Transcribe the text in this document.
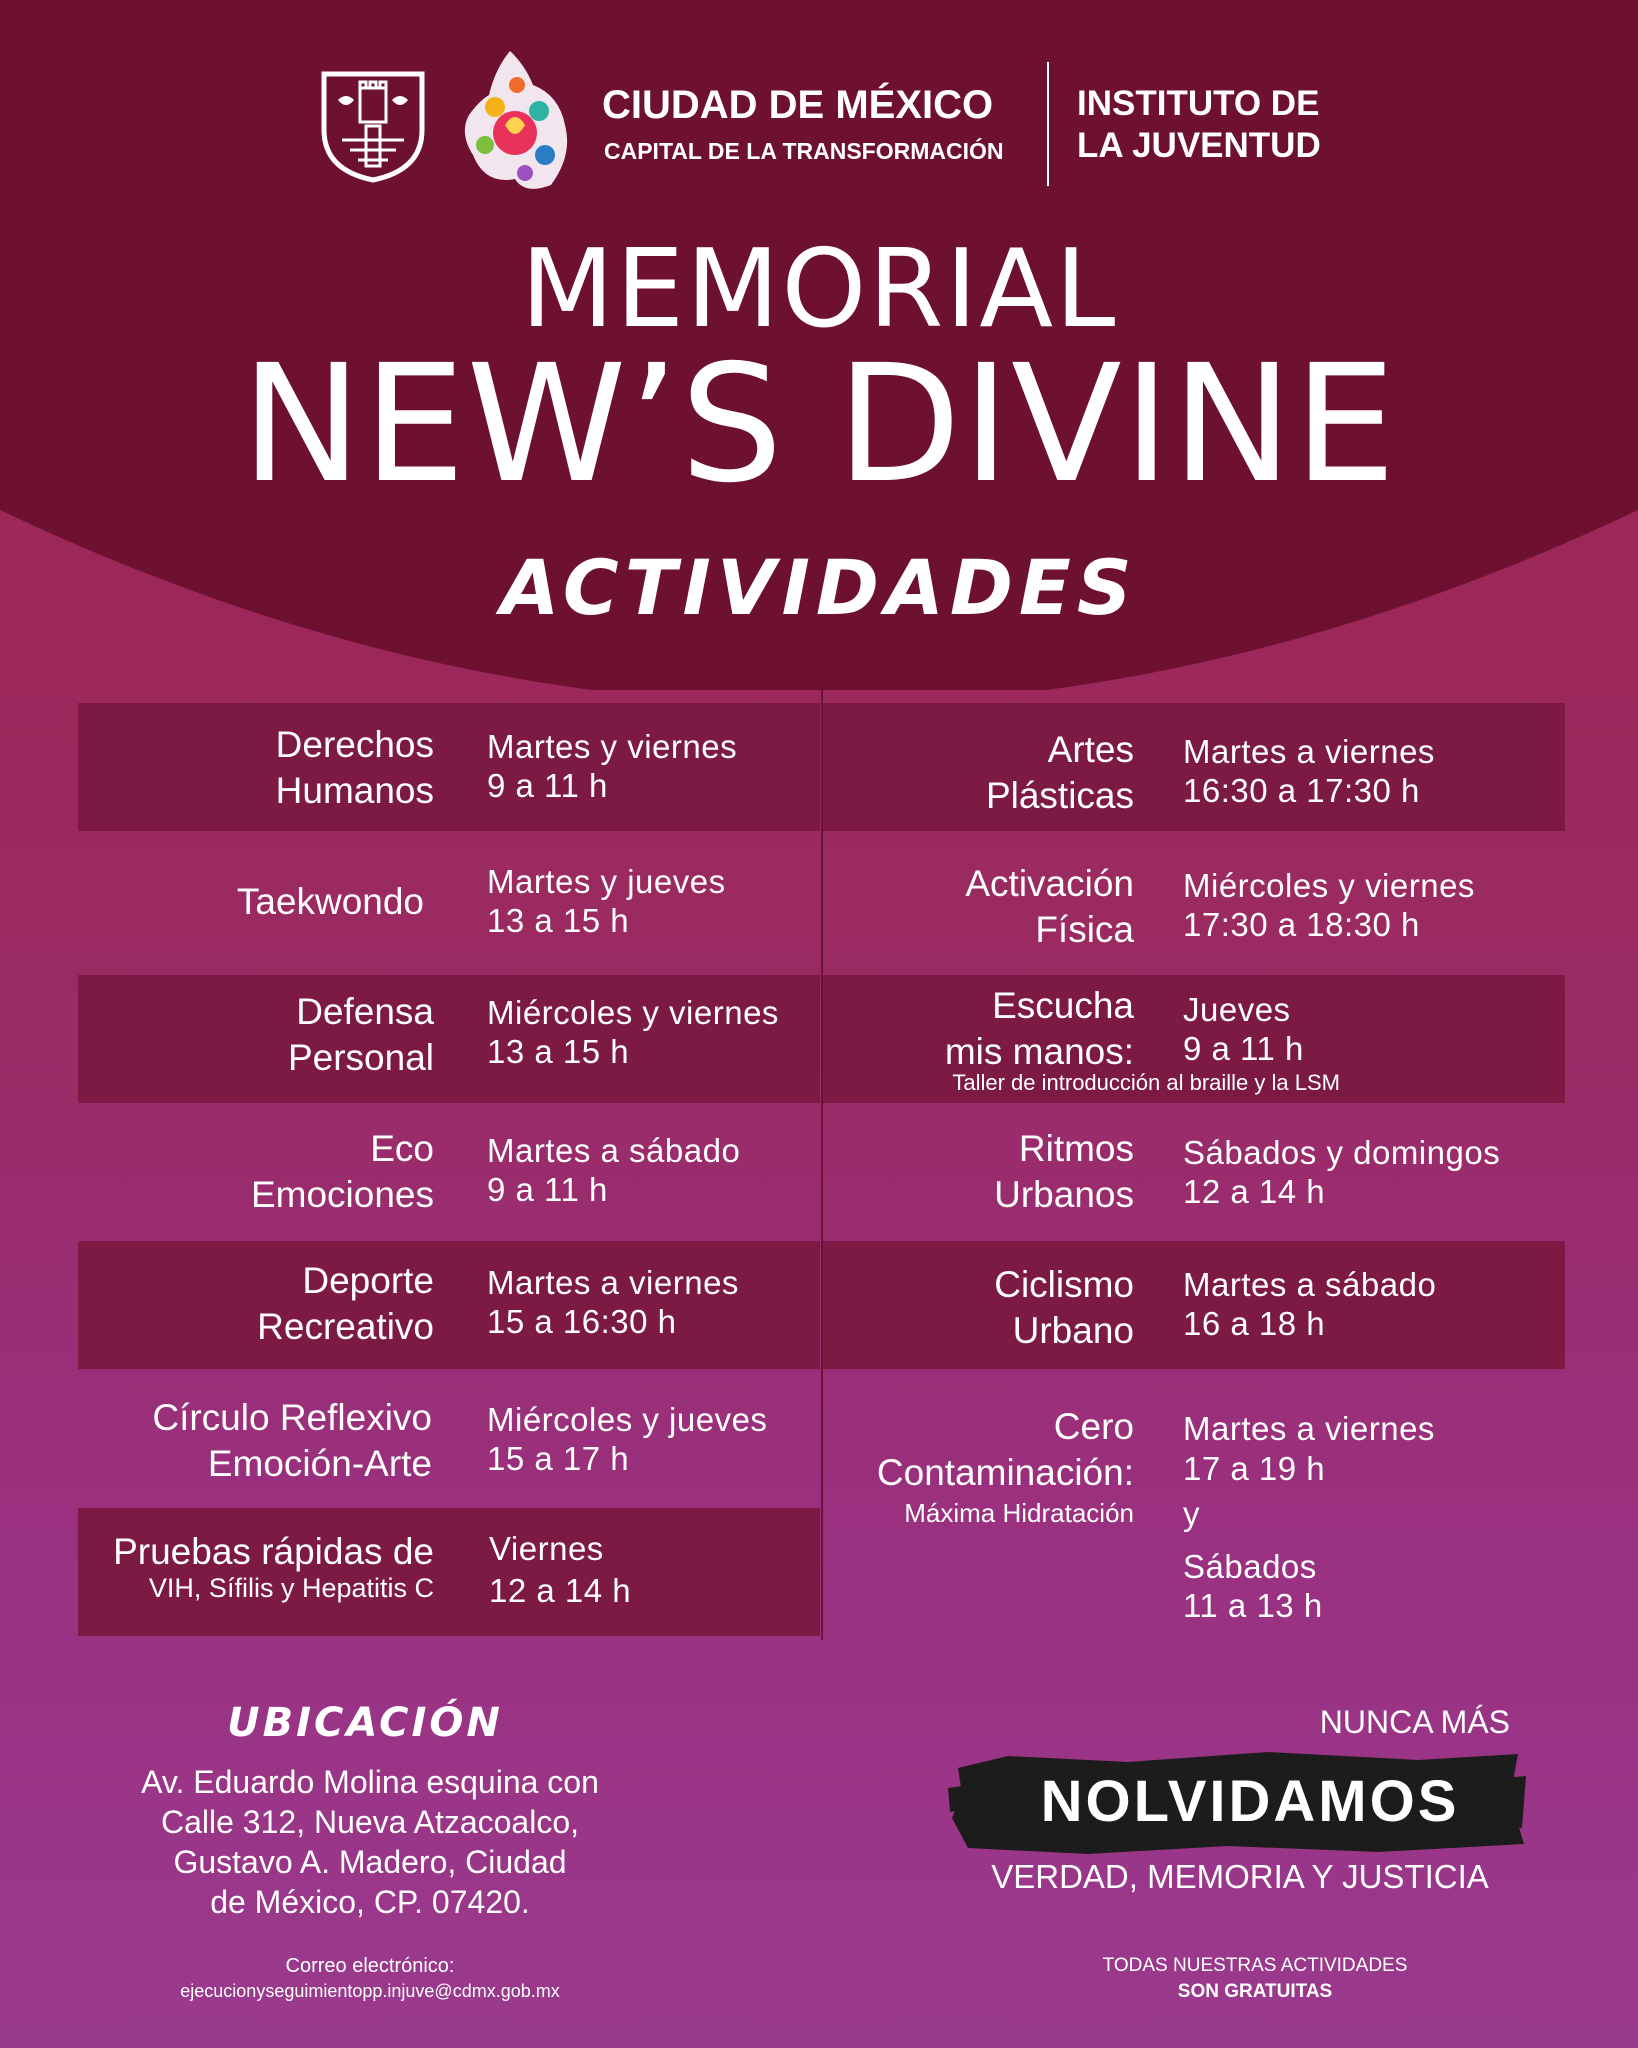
CIUDAD DE MÉXICO
CAPITAL DE LA TRANSFORMACIÓN
INSTITUTO DE
LA JUVENTUD
MEMORIAL
NEW’S DIVINE
ACTIVIDADES
Derechos
Humanos
Martes y viernes
9 a 11 h
Taekwondo Martes y jueves
13 a 15 h
Defensa
Personal
Miércoles y viernes
13 a 15 h
Eco
Emociones
Martes a sábado
9 a 11 h
Deporte
Recreativo
Martes a viernes
15 a 16:30 h
Círculo Reflexivo
Emoción-Arte
Miércoles y jueves
15 a 17 h
Pruebas rápidas de
VIH, Sífilis y Hepatitis C
Viernes
12 a 14 h
Artes
Plásticas
Martes a viernes
16:30 a 17:30 h
Activación
Física
Miércoles y viernes
17:30 a 18:30 h
Escucha
mis manos:
Taller de introducción al braille y la LSM
Jueves
9 a 11 h
Ritmos
Urbanos
Sábados y domingos
12 a 14 h
Ciclismo
Urbano
Martes a sábado
16 a 18 h
Cero
Contaminación:
Máxima Hidratación
Martes a viernes
17 a 19 h
y
Sábados
11 a 13 h
UBICACIÓN
Av. Eduardo Molina esquina con
Calle 312, Nueva Atzacoalco,
Gustavo A. Madero, Ciudad
de México, CP. 07420.
Correo electrónico:
ejecucionyseguimientopp.injuve@cdmx.gob.mx
NUNCA MÁS
NOLVIDAMOS
VERDAD, MEMORIA Y JUSTICIA
TODAS NUESTRAS ACTIVIDADES
SON GRATUITAS
